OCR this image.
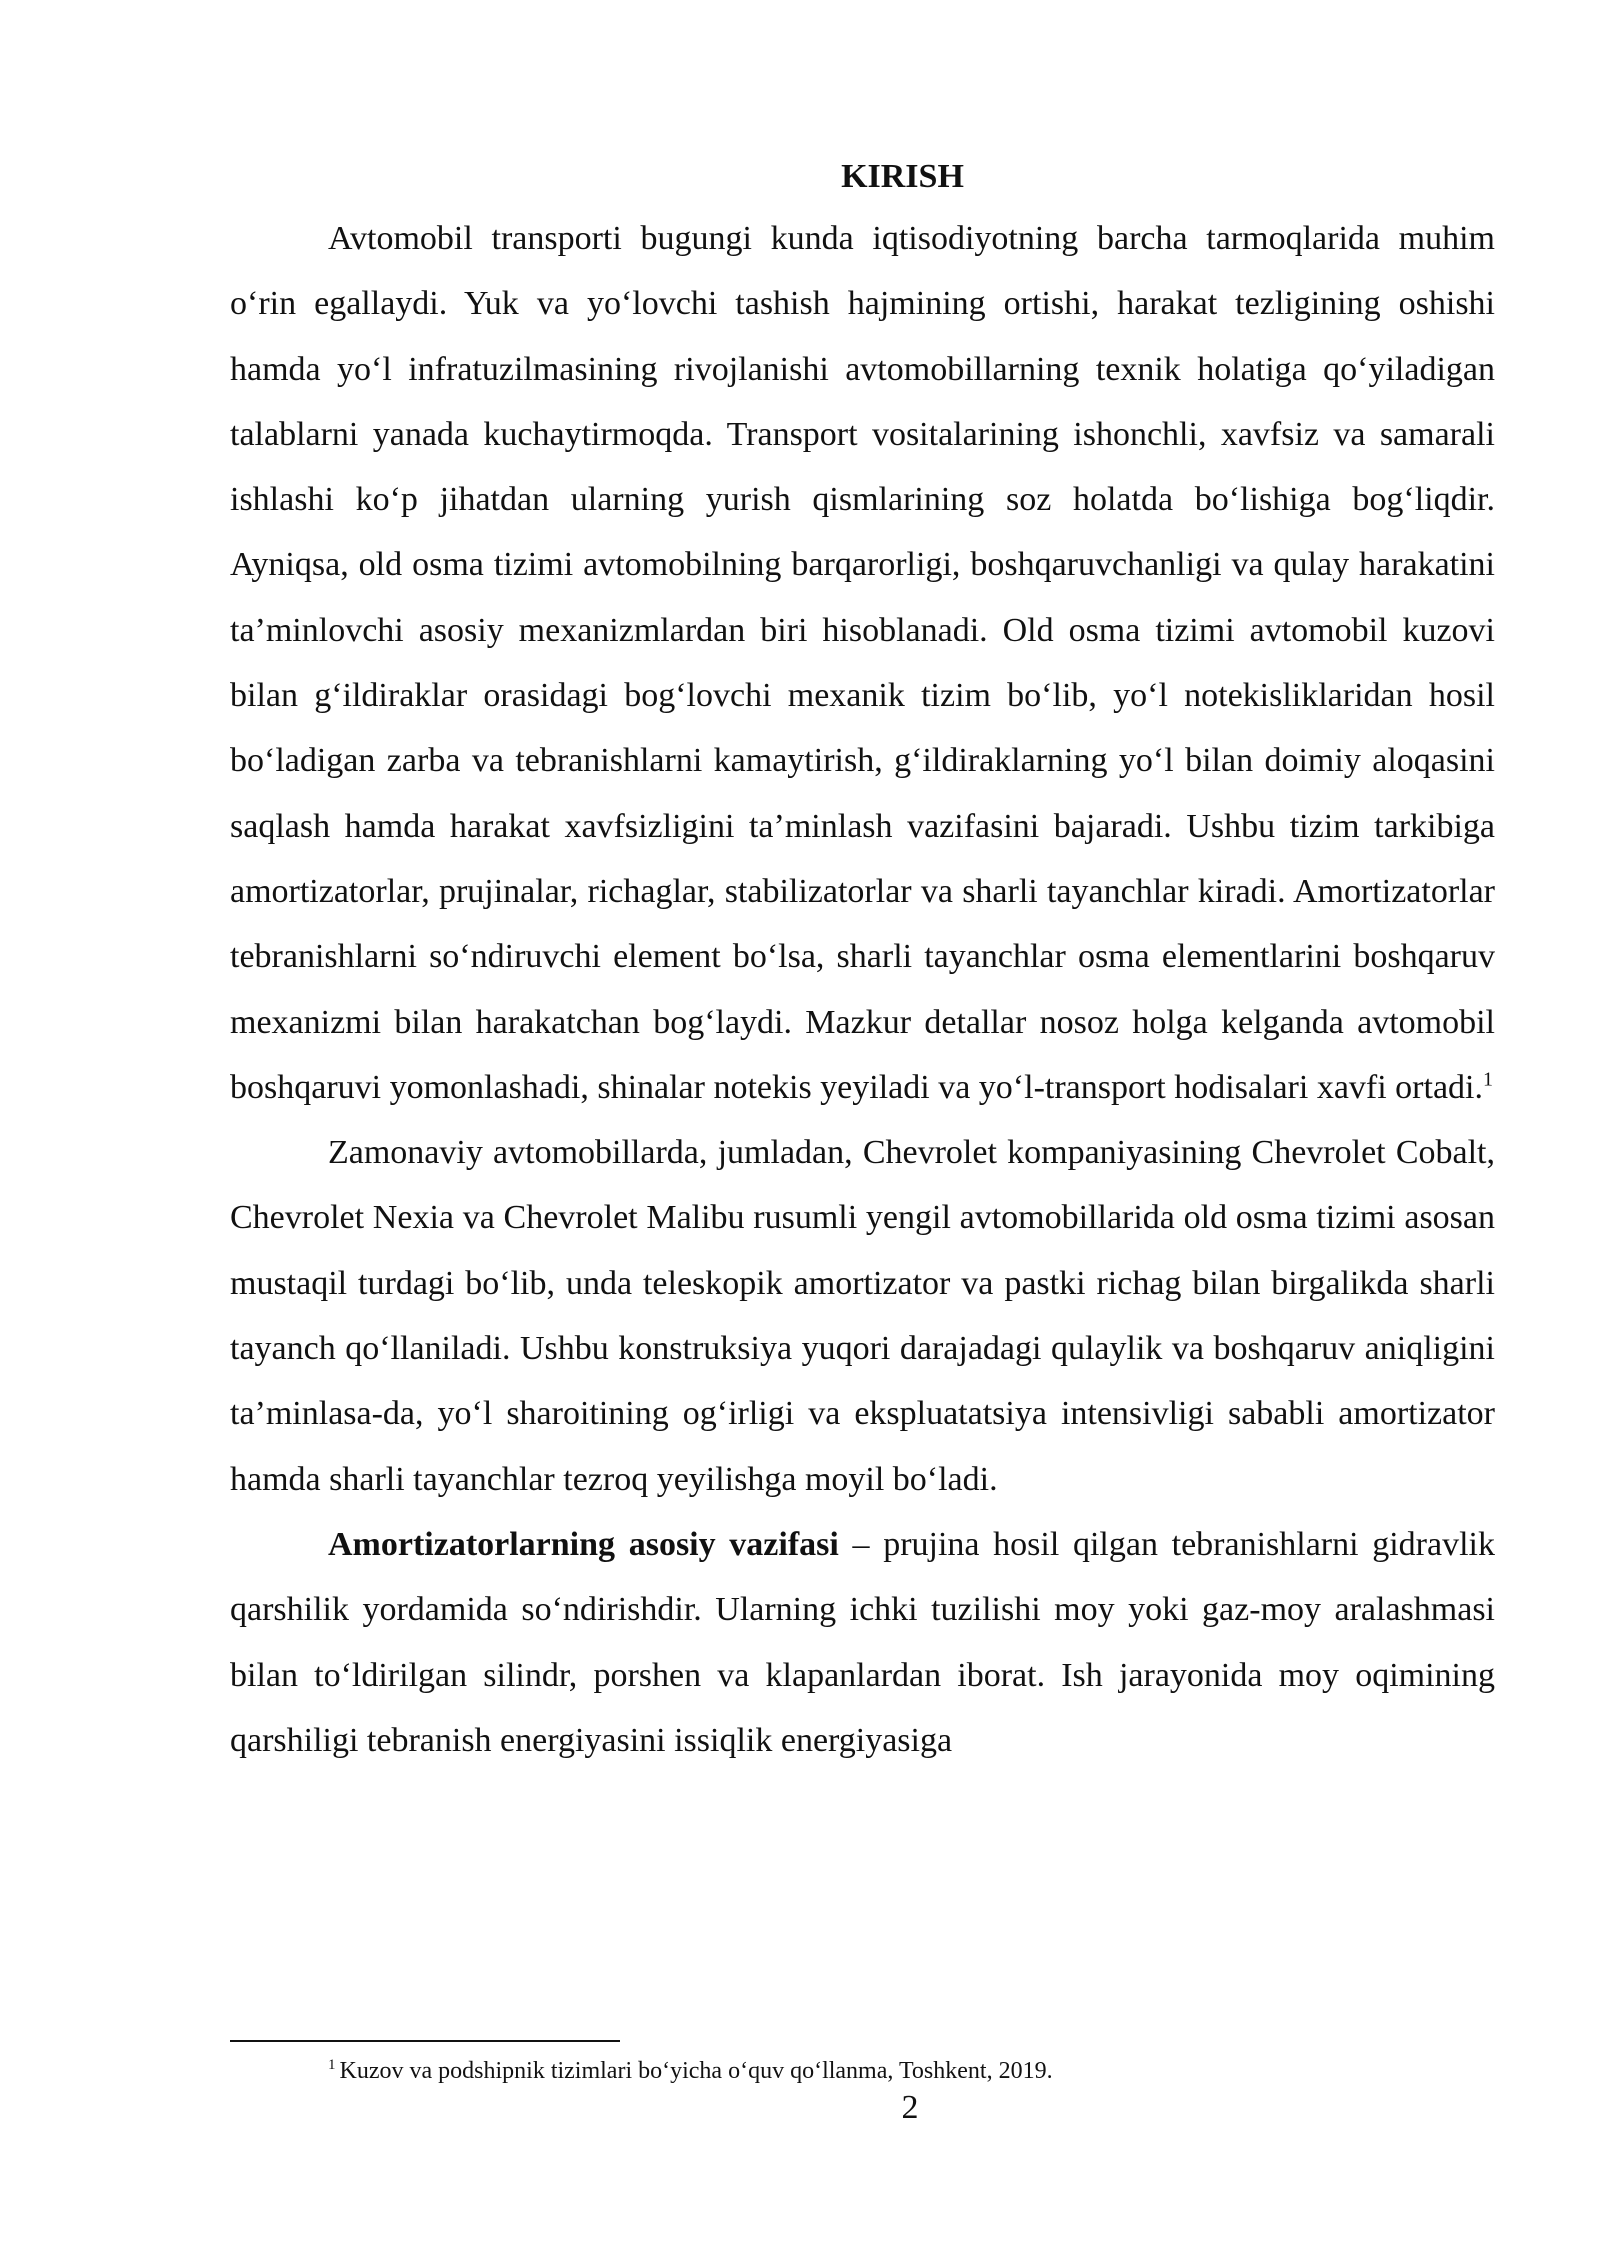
KIRISH

Avtomobil transporti bugungi kunda iqtisodiyotning barcha tarmoqlarida muhim o‘rin egallaydi. Yuk va yo‘lovchi tashish hajmining ortishi, harakat tezligining oshishi hamda yo‘l infratuzilmasining rivojlanishi avtomobillarning texnik holatiga qo‘yiladigan talablarni yanada kuchaytirmoqda. Transport vositalarining ishonchli, xavfsiz va samarali ishlashi ko‘p jihatdan ularning yurish qismlarining soz holatda bo‘lishiga bog‘liqdir. Ayniqsa, old osma tizimi avtomobilning barqarorligi, boshqaruvchanligi va qulay harakatini ta’minlovchi asosiy mexanizmlardan biri hisoblanadi. Old osma tizimi avtomobil kuzovi bilan g‘ildiraklar orasidagi bog‘lovchi mexanik tizim bo‘lib, yo‘l notekisliklaridan hosil bo‘ladigan zarba va tebranishlarni kamaytirish, g‘ildiraklarning yo‘l bilan doimiy aloqasini saqlash hamda harakat xavfsizligini ta’minlash vazifasini bajaradi. Ushbu tizim tarkibiga amortizatorlar, prujinalar, richaglar, stabilizatorlar va sharli tayanchlar kiradi. Amortizatorlar tebranishlarni so‘ndiruvchi element bo‘lsa, sharli tayanchlar osma elementlarini boshqaruv mexanizmi bilan harakatchan bog‘laydi. Mazkur detallar nosoz holga kelganda avtomobil boshqaruvi yomonlashadi, shinalar notekis yeyiladi va yo‘l-transport hodisalari xavfi ortadi.$^1$

Zamonaviy avtomobillarda, jumladan, Chevrolet kompaniyasining Chevrolet Cobalt, Chevrolet Nexia va Chevrolet Malibu rusumli yengil avtomobillarida old osma tizimi asosan mustaqil turdagi bo‘lib, unda teleskopik amortizator va pastki richag bilan birgalikda sharli tayanch qo‘llaniladi. Ushbu konstruksiya yuqori darajadagi qulaylik va boshqaruv aniqligini ta’minlasa-da, yo‘l sharoitining og‘irligi va ekspluatatsiya intensivligi sababli amortizator hamda sharli tayanchlar tezroq yeyilishga moyil bo‘ladi.

Amortizatorlarning asosiy vazifasi – prujina hosil qilgan tebranishlarni gidravlik qarshilik yordamida so‘ndirishdir. Ularning ichki tuzilishi moy yoki gaz-moy aralashmasi bilan to‘ldirilgan silindr, porshen va klapanlardan iborat. Ish jarayonida moy oqimining qarshiligi tebranish energiyasini issiqlik energiyasiga

$^1$ Kuzov va podshipnik tizimlari bo‘yicha o‘quv qo‘llanma, Toshkent, 2019.
2
